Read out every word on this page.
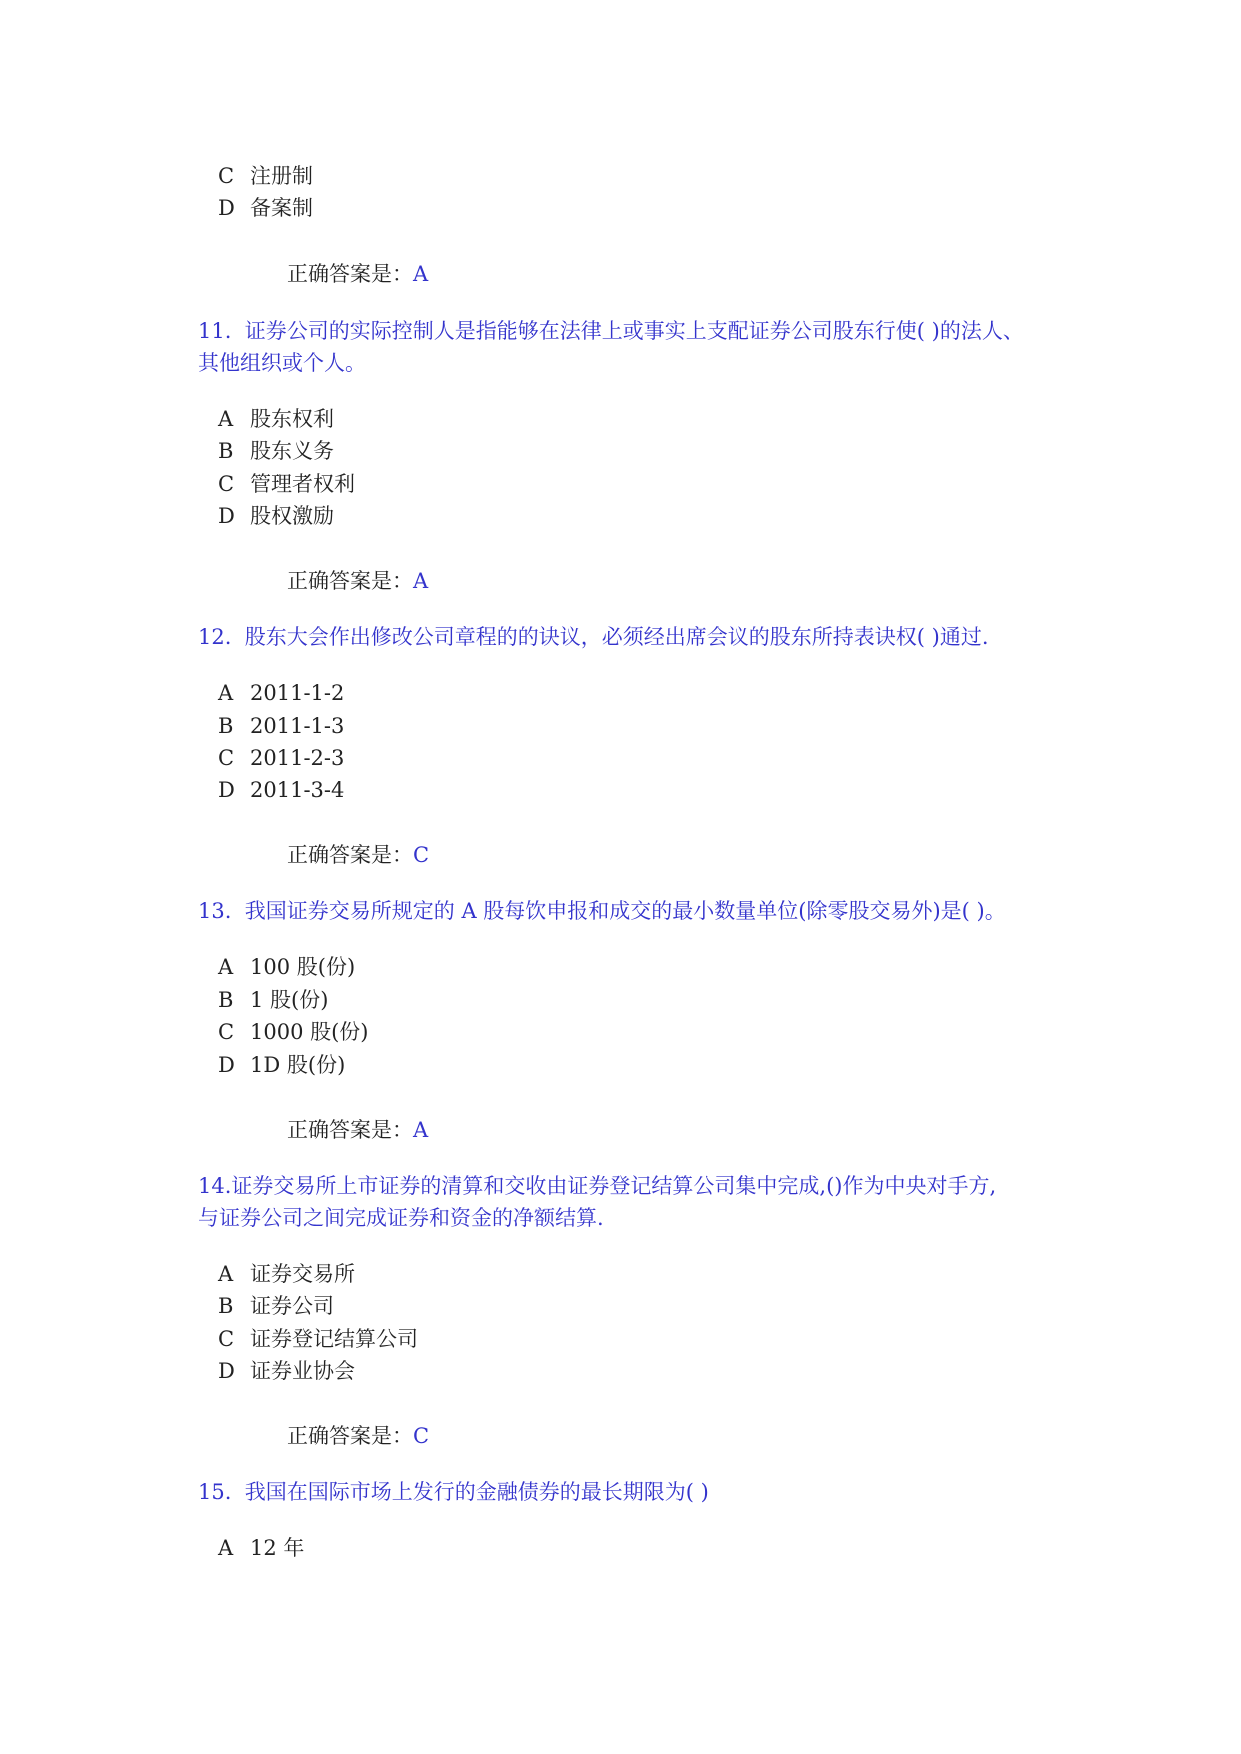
C 注册制
D 备案制
正确答案是：A
11. 证券公司的实际控制人是指能够在法律上或事实上支配证券公司股东行使( )的法人、
其他组织或个人。
A 股东权利
B 股东义务
C 管理者权利
D 股权激励
正确答案是：A
12. 股东大会作出修改公司章程的的诀议，必须经出席会议的股东所持表诀权( )通过.
A 2011-1-2
B 2011-1-3
C 2011-2-3
D 2011-3-4
正确答案是：C
13. 我国证券交易所规定的 A 股每饮申报和成交的最小数量单位(除零股交易外)是( )。
A 100 股(份)
B 1 股(份)
C 1000 股(份)
D 1D 股(份)
正确答案是：A
14.证券交易所上市证券的清算和交收由证券登记结算公司集中完成,()作为中央对手方,
与证券公司之间完成证券和资金的净额结算.
A 证券交易所
B 证券公司
C 证券登记结算公司
D 证券业协会
正确答案是：C
15. 我国在国际市场上发行的金融债券的最长期限为( )
A 12 年
